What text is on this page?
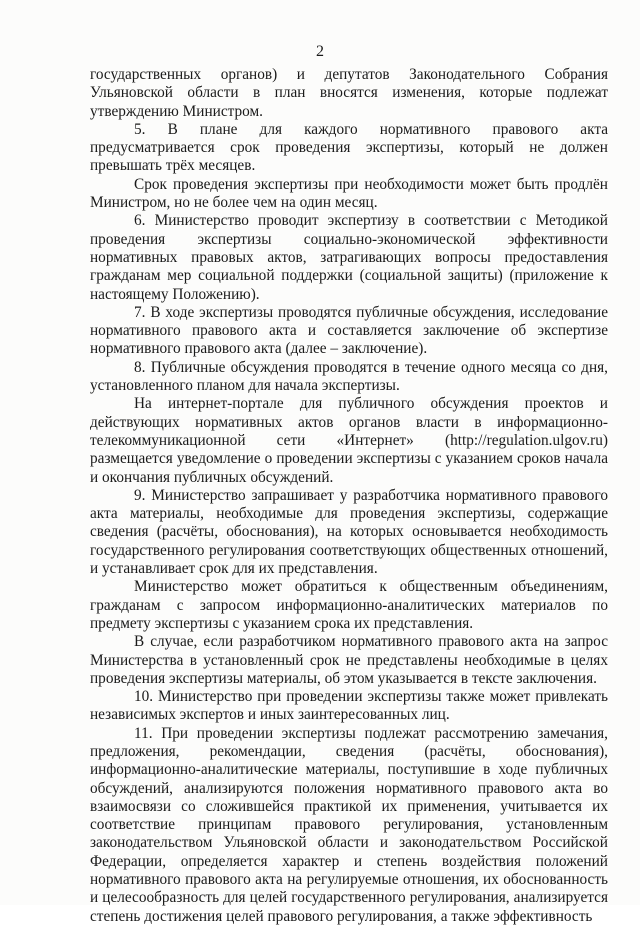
2

государственных органов) и депутатов Законодательного Собрания Ульяновской области в план вносятся изменения, которые подлежат утверждению Министром.

5. В плане для каждого нормативного правового акта предусматривается срок проведения экспертизы, который не должен превышать трёх месяцев.

Срок проведения экспертизы при необходимости может быть продлён Министром, но не более чем на один месяц.

6. Министерство проводит экспертизу в соответствии с Методикой проведения экспертизы социально-экономической эффективности нормативных правовых актов, затрагивающих вопросы предоставления гражданам мер социальной поддержки (социальной защиты) (приложение к настоящему Положению).

7. В ходе экспертизы проводятся публичные обсуждения, исследование нормативного правового акта и составляется заключение об экспертизе нормативного правового акта (далее – заключение).

8. Публичные обсуждения проводятся в течение одного месяца со дня, установленного планом для начала экспертизы.

На интернет-портале для публичного обсуждения проектов и действующих нормативных актов органов власти в информационно-телекоммуникационной сети «Интернет» (http://regulation.ulgov.ru) размещается уведомление о проведении экспертизы с указанием сроков начала и окончания публичных обсуждений.

9. Министерство запрашивает у разработчика нормативного правового акта материалы, необходимые для проведения экспертизы, содержащие сведения (расчёты, обоснования), на которых основывается необходимость государственного регулирования соответствующих общественных отношений, и устанавливает срок для их представления.

Министерство может обратиться к общественным объединениям, гражданам с запросом информационно-аналитических материалов по предмету экспертизы с указанием срока их представления.

В случае, если разработчиком нормативного правового акта на запрос Министерства в установленный срок не представлены необходимые в целях проведения экспертизы материалы, об этом указывается в тексте заключения.

10. Министерство при проведении экспертизы также может привлекать независимых экспертов и иных заинтересованных лиц.

11. При проведении экспертизы подлежат рассмотрению замечания, предложения, рекомендации, сведения (расчёты, обоснования), информационно-аналитические материалы, поступившие в ходе публичных обсуждений, анализируются положения нормативного правового акта во взаимосвязи со сложившейся практикой их применения, учитывается их соответствие принципам правового регулирования, установленным законодательством Ульяновской области и законодательством Российской Федерации, определяется характер и степень воздействия положений нормативного правового акта на регулируемые отношения, их обоснованность и целесообразность для целей государственного регулирования, анализируется степень достижения целей правового регулирования, а также эффективность
